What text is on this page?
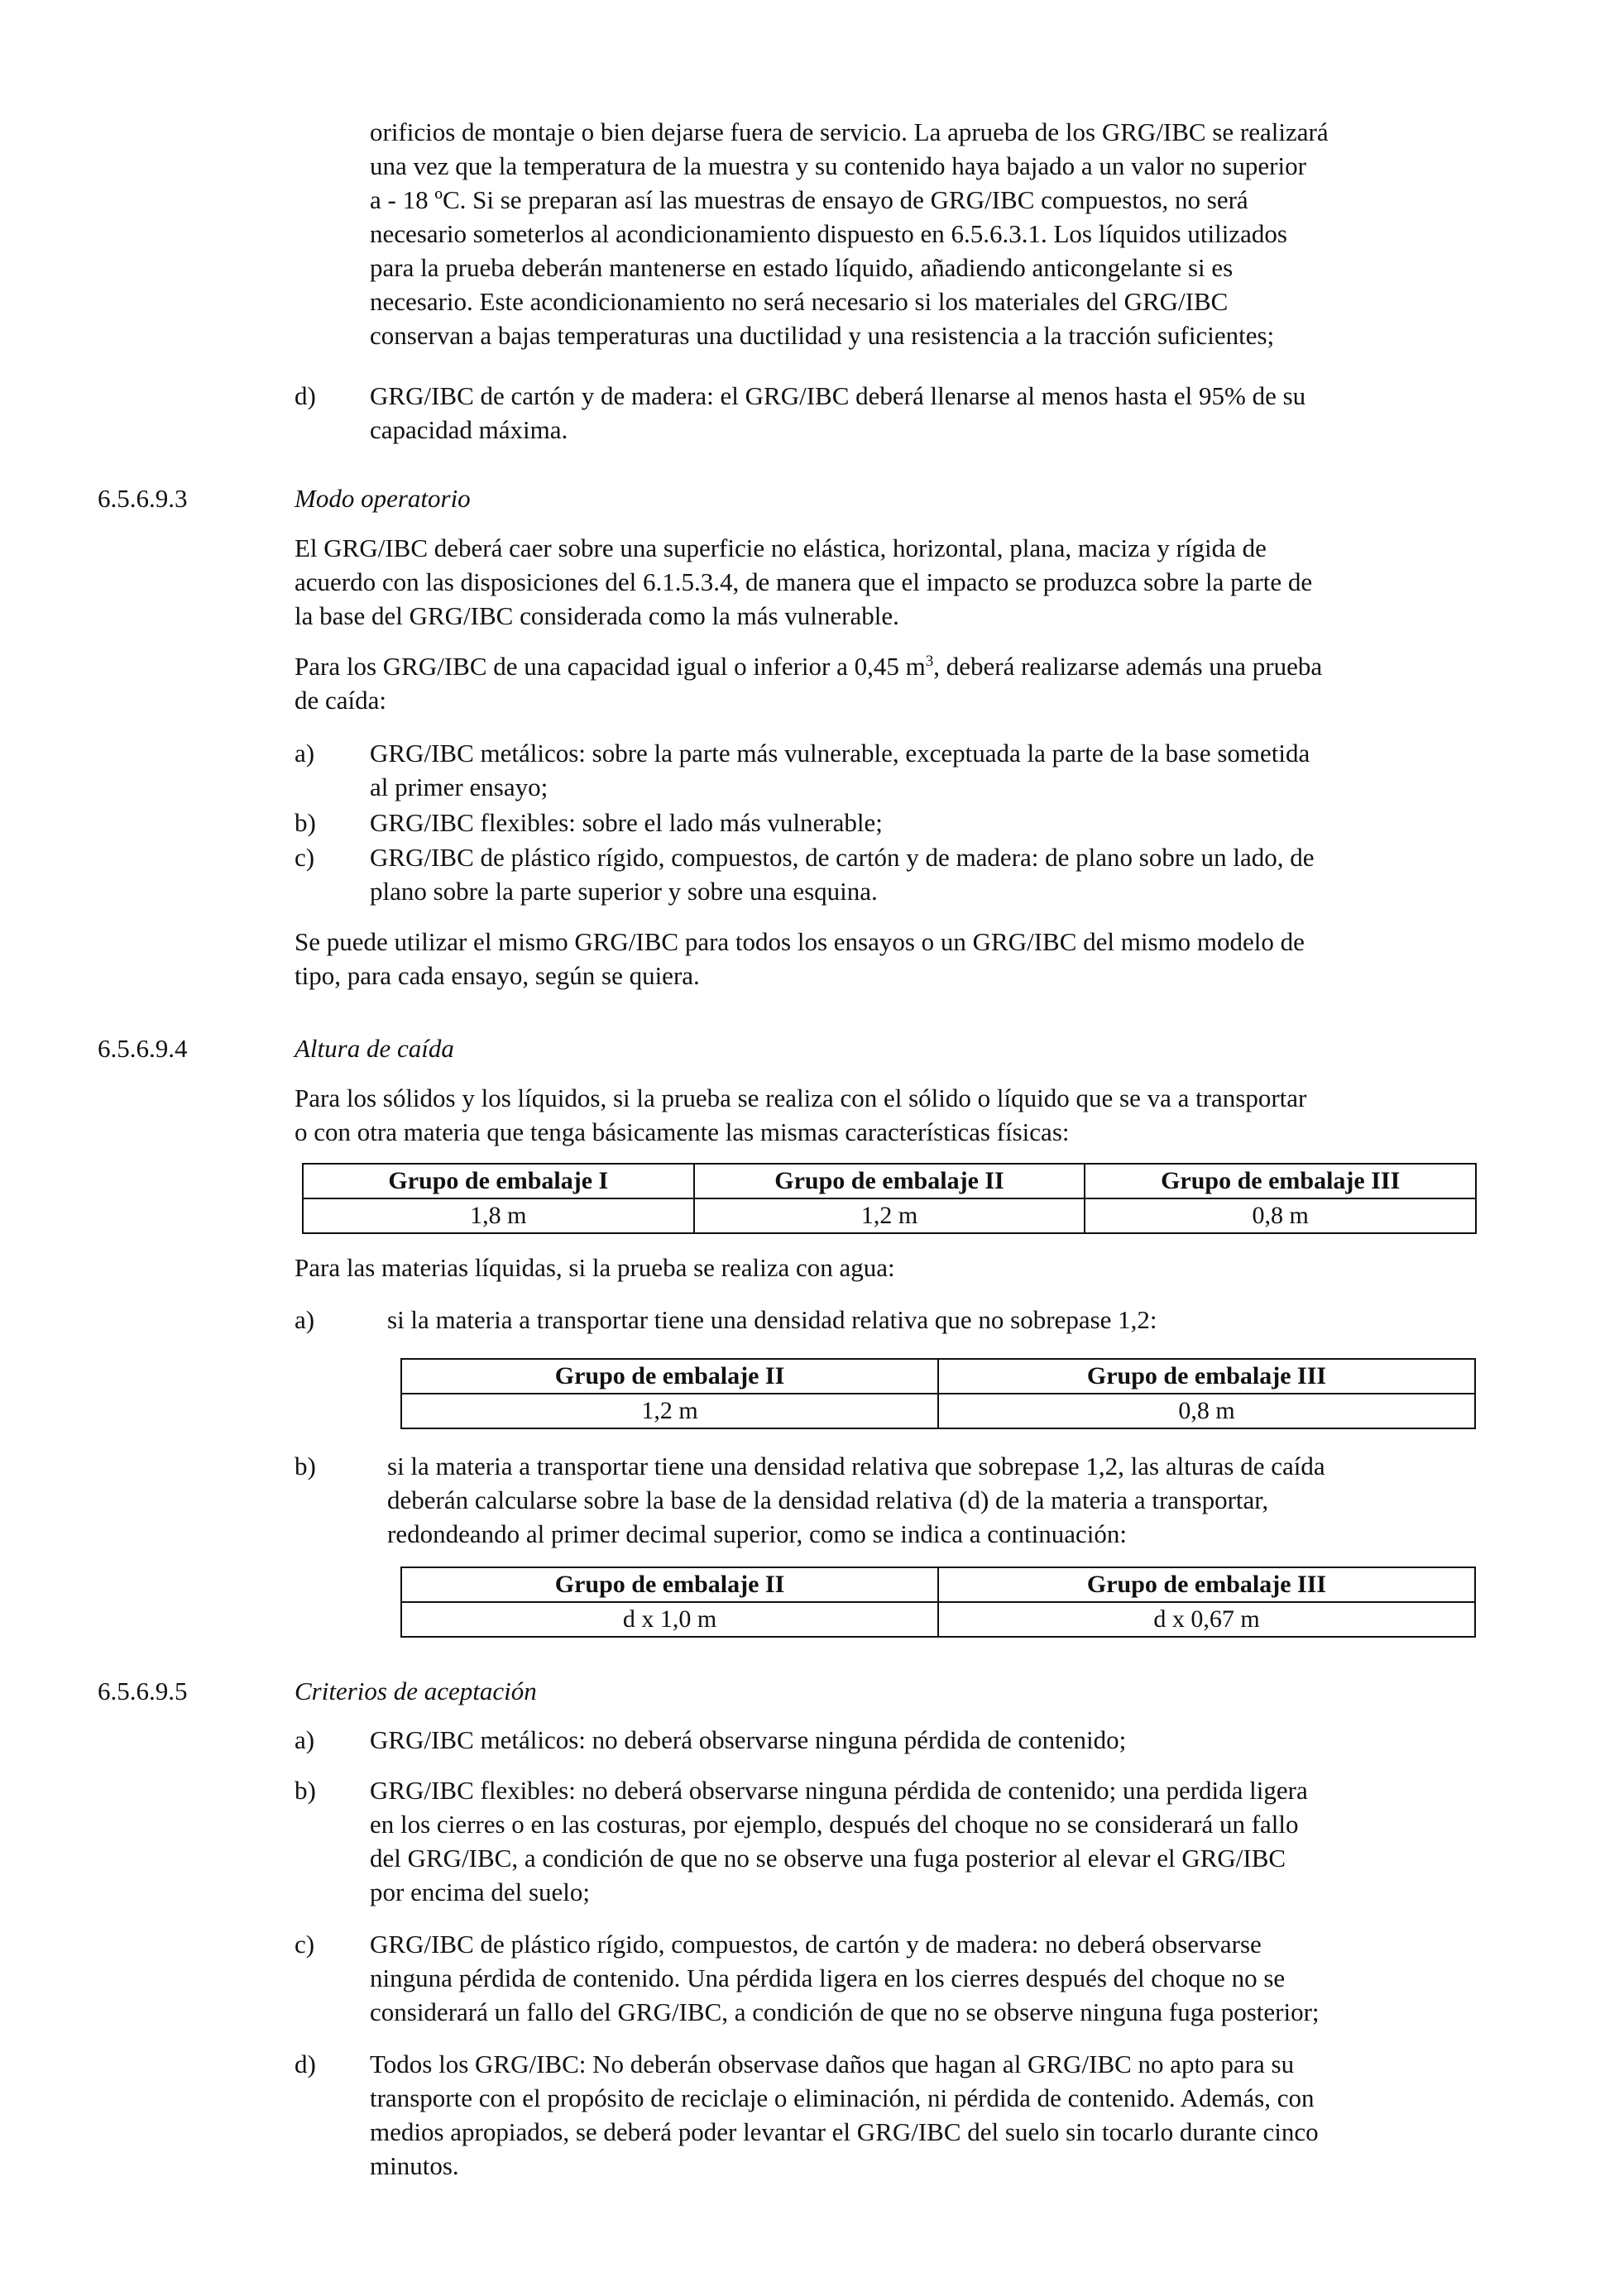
orificios de montaje o bien dejarse fuera de servicio. La aprueba de los GRG/IBC se realizará
una vez que la temperatura de la muestra y su contenido haya bajado a un valor no superior
a - 18 ºC. Si se preparan así las muestras de ensayo de GRG/IBC compuestos, no será
necesario someterlos al acondicionamiento dispuesto en 6.5.6.3.1. Los líquidos utilizados
para la prueba deberán mantenerse en estado líquido, añadiendo anticongelante si es
necesario. Este acondicionamiento no será necesario si los materiales del GRG/IBC
conservan a bajas temperaturas una ductilidad y una resistencia a la tracción suficientes;
d) GRG/IBC de cartón y de madera: el GRG/IBC deberá llenarse al menos hasta el 95% de su
capacidad máxima.
6.5.6.9.3	Modo operatorio
El GRG/IBC deberá caer sobre una superficie no elástica, horizontal, plana, maciza y rígida de
acuerdo con las disposiciones del 6.1.5.3.4, de manera que el impacto se produzca sobre la parte de
la base del GRG/IBC considerada como la más vulnerable.
Para los GRG/IBC de una capacidad igual o inferior a 0,45 $m^3$, deberá realizarse además una prueba
de caída:
a) GRG/IBC metálicos: sobre la parte más vulnerable, exceptuada la parte de la base sometida
al primer ensayo;
b) GRG/IBC flexibles: sobre el lado más vulnerable;
c) GRG/IBC de plástico rígido, compuestos, de cartón y de madera: de plano sobre un lado, de
plano sobre la parte superior y sobre una esquina.
Se puede utilizar el mismo GRG/IBC para todos los ensayos o un GRG/IBC del mismo modelo de
tipo, para cada ensayo, según se quiera.
6.5.6.9.4	Altura de caída
Para los sólidos y los líquidos, si la prueba se realiza con el sólido o líquido que se va a transportar
o con otra materia que tenga básicamente las mismas características físicas:
Grupo de embalaje I	Grupo de embalaje II	Grupo de embalaje III
1,8 m	1,2 m	0,8 m
Para las materias líquidas, si la prueba se realiza con agua:
a)	si la materia a transportar tiene una densidad relativa que no sobrepase 1,2:
Grupo de embalaje II	Grupo de embalaje III
1,2 m	0,8 m
b)	si la materia a transportar tiene una densidad relativa que sobrepase 1,2, las alturas de caída
deberán calcularse sobre la base de la densidad relativa (d) de la materia a transportar,
redondeando al primer decimal superior, como se indica a continuación:
Grupo de embalaje II	Grupo de embalaje III
d x 1,0 m	d x 0,67 m
6.5.6.9.5	Criterios de aceptación
a) GRG/IBC metálicos: no deberá observarse ninguna pérdida de contenido;
b) GRG/IBC flexibles: no deberá observarse ninguna pérdida de contenido; una perdida ligera
en los cierres o en las costuras, por ejemplo, después del choque no se considerará un fallo
del GRG/IBC, a condición de que no se observe una fuga posterior al elevar el GRG/IBC
por encima del suelo;
c) GRG/IBC de plástico rígido, compuestos, de cartón y de madera: no deberá observarse
ninguna pérdida de contenido. Una pérdida ligera en los cierres después del choque no se
considerará un fallo del GRG/IBC, a condición de que no se observe ninguna fuga posterior;
d) Todos los GRG/IBC: No deberán observase daños que hagan al GRG/IBC no apto para su
transporte con el propósito de reciclaje o eliminación, ni pérdida de contenido. Además, con
medios apropiados, se deberá poder levantar el GRG/IBC del suelo sin tocarlo durante cinco
minutos.
